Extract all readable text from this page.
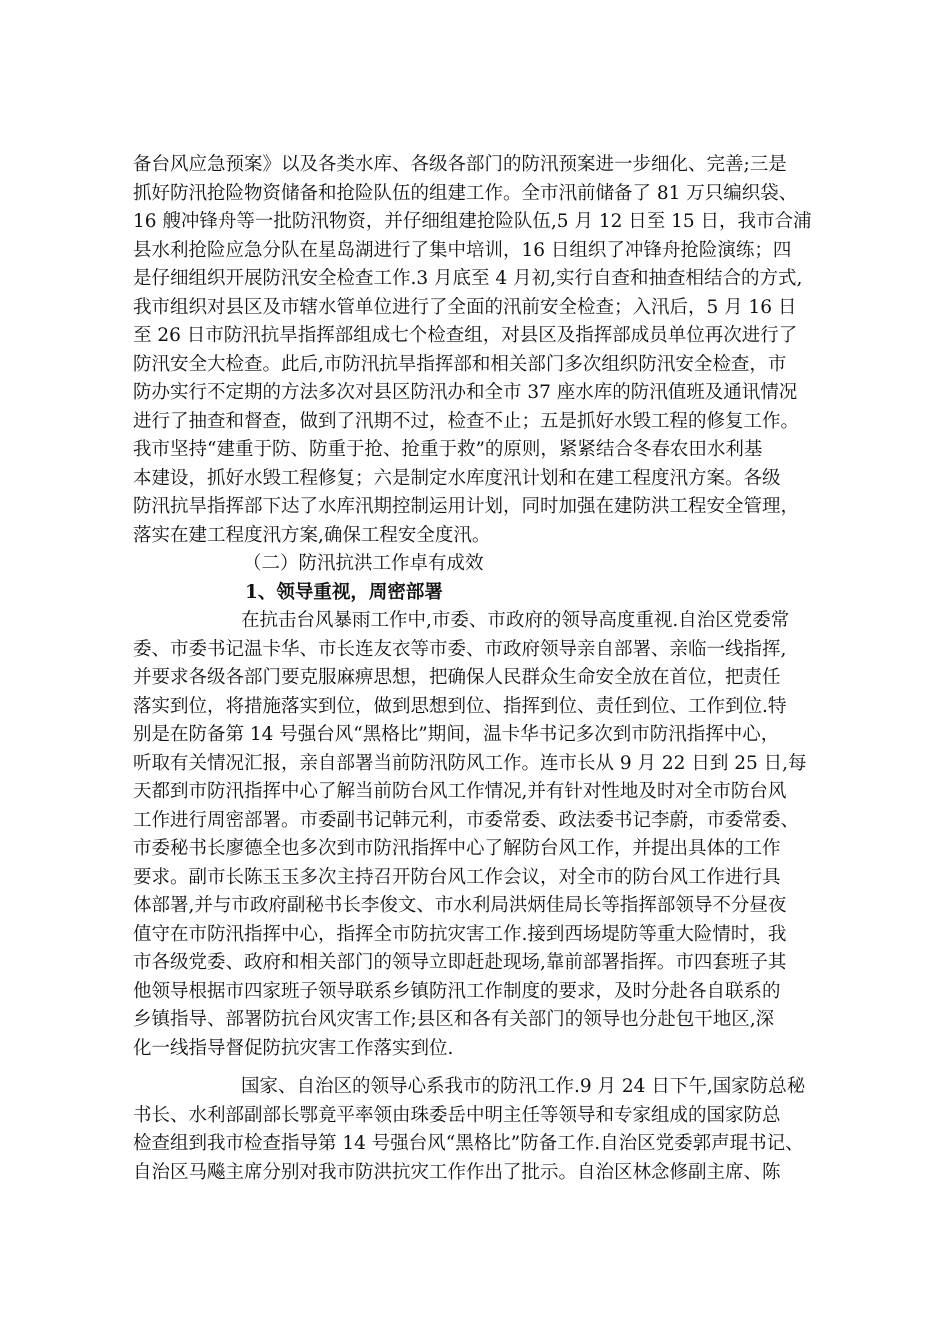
备台风应急预案》以及各类水库、各级各部门的防汛预案进一步细化、完善;三是
抓好防汛抢险物资储备和抢险队伍的组建工作。全市汛前储备了 81 万只编织袋、
16 艘冲锋舟等一批防汛物资，并仔细组建抢险队伍,5 月 12 日至 15 日，我市合浦
县水利抢险应急分队在星岛湖进行了集中培训，16 日组织了冲锋舟抢险演练；四
是仔细组织开展防汛安全检查工作.3 月底至 4 月初,实行自查和抽查相结合的方式,
我市组织对县区及市辖水管单位进行了全面的汛前安全检查；入汛后，5 月 16 日
至 26 日市防汛抗旱指挥部组成七个检查组，对县区及指挥部成员单位再次进行了
防汛安全大检查。此后,市防汛抗旱指挥部和相关部门多次组织防汛安全检查，市
防办实行不定期的方法多次对县区防汛办和全市 37 座水库的防汛值班及通讯情况
进行了抽查和督查，做到了汛期不过，检查不止；五是抓好水毁工程的修复工作。
我市坚持“建重于防、防重于抢、抢重于救”的原则，紧紧结合冬春农田水利基
本建设，抓好水毁工程修复；六是制定水库度汛计划和在建工程度汛方案。各级
防汛抗旱指挥部下达了水库汛期控制运用计划，同时加强在建防洪工程安全管理，
落实在建工程度汛方案,确保工程安全度汛。
（二）防汛抗洪工作卓有成效
1、领导重视，周密部署
在抗击台风暴雨工作中,市委、市政府的领导高度重视.自治区党委常
委、市委书记温卡华、市长连友衣等市委、市政府领导亲自部署、亲临一线指挥,
并要求各级各部门要克服麻痹思想，把确保人民群众生命安全放在首位，把责任
落实到位，将措施落实到位，做到思想到位、指挥到位、责任到位、工作到位.特
别是在防备第 14 号强台风“黑格比”期间，温卡华书记多次到市防汛指挥中心，
听取有关情况汇报，亲自部署当前防汛防风工作。连市长从 9 月 22 日到 25 日,每
天都到市防汛指挥中心了解当前防台风工作情况,并有针对性地及时对全市防台风
工作进行周密部署。市委副书记韩元利，市委常委、政法委书记李蔚，市委常委、
市委秘书长廖德全也多次到市防汛指挥中心了解防台风工作，并提出具体的工作
要求。副市长陈玉玉多次主持召开防台风工作会议，对全市的防台风工作进行具
体部署,并与市政府副秘书长李俊文、市水利局洪炳佳局长等指挥部领导不分昼夜
值守在市防汛指挥中心，指挥全市防抗灾害工作.接到西场堤防等重大险情时，我
市各级党委、政府和相关部门的领导立即赶赴现场,靠前部署指挥。市四套班子其
他领导根据市四家班子领导联系乡镇防汛工作制度的要求，及时分赴各自联系的
乡镇指导、部署防抗台风灾害工作;县区和各有关部门的领导也分赴包干地区,深
化一线指导督促防抗灾害工作落实到位.
国家、自治区的领导心系我市的防汛工作.9 月 24 日下午,国家防总秘
书长、水利部副部长鄂竟平率领由珠委岳中明主任等领导和专家组成的国家防总
检查组到我市检查指导第 14 号强台风“黑格比”防备工作.自治区党委郭声琨书记、
自治区马飚主席分别对我市防洪抗灾工作作出了批示。自治区林念修副主席、陈
